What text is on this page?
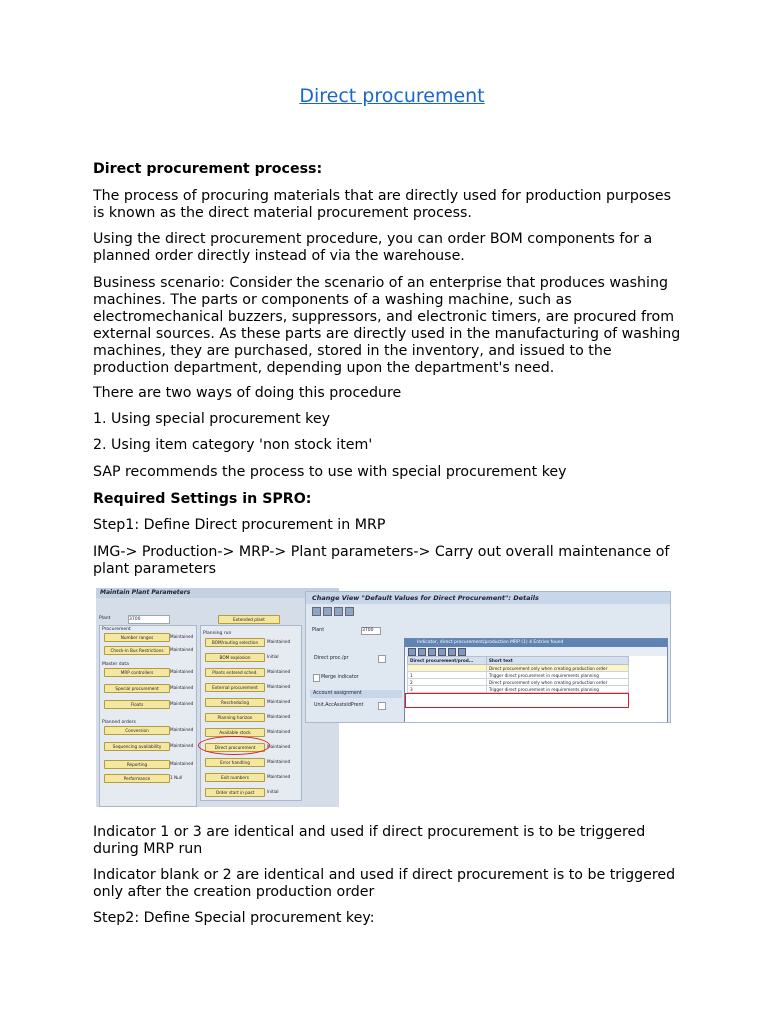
Direct procurement

Direct procurement process:

The process of procuring materials that are directly used for production purposes is known as the direct material procurement process.

Using the direct procurement procedure, you can order BOM components for a planned order directly instead of via the warehouse.

Business scenario: Consider the scenario of an enterprise that produces washing machines. The parts or components of a washing machine, such as electromechanical buzzers, suppressors, and electronic timers, are procured from external sources. As these parts are directly used in the manufacturing of washing machines, they are purchased, stored in the inventory, and issued to the production department, depending upon the department's need.

There are two ways of doing this procedure

1. Using special procurement key

2. Using item category 'non stock item'

SAP recommends the process to use with special procurement key

Required Settings in SPRO:

Step1: Define Direct procurement in MRP

IMG-> Production-> MRP-> Plant parameters-> Carry out overall maintenance of plant parameters

Maintain Plant Parameters
Plant	3700	Extended plant
Procurement
Number ranges	Maintained
Check-in Bus Restrictions	Maintained
Master data
MRP controllers	Maintained
Special procurement	Maintained
Floats	Maintained
Planned orders
Conversion	Maintained
Sequencing availability	Maintained
Reporting	Maintained
Performance	1 Null
Planning run
BOM/routing selection	Maintained
BOM explosion	Initial
Plants entered sched.	Maintained
External procurement	Maintained
Rescheduling	Maintained
Planning horizon	Maintained
Available stock	Maintained
Direct procurement	Maintained
Error handling	Maintained
Exit numbers	Maintained
Order start in past	Initial
Change View "Default Values for Direct Procurement": Details
Plant	3700
Direct proc./pr
Merge indicator
Account assignment
Unit.AccAsstsIdPrent
Indicator, direct procurement/production MRP (1) 4 Entries found
Direct procurement/prod...	Short text
	Direct procurement only when creating production order
1	Trigger direct procurement in requirements planning
2	Direct procurement only when creating production order
3	Trigger direct procurement in requirements planning

Indicator 1 or 3 are identical and used if direct procurement is to be triggered during MRP run

Indicator blank or 2 are identical and used if direct procurement is to be triggered only after the creation production order

Step2: Define Special procurement key:
